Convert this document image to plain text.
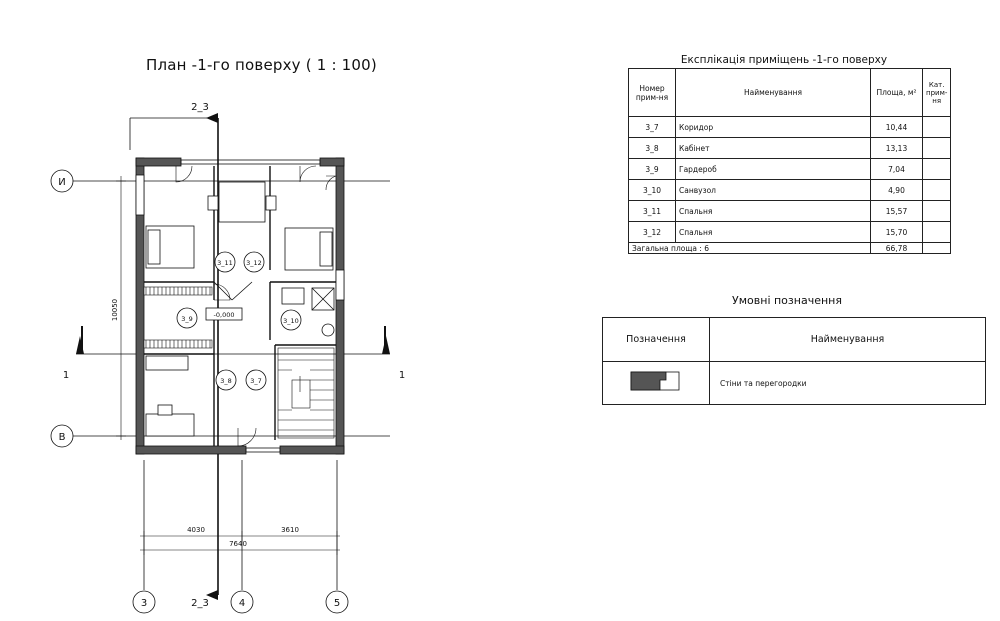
План -1-го поверху ( 1 : 100)
2_3
2_3
1	1
И
В
3	4	5
10050
4030	3610
7640
3_11 3_12
3_9	3_10
3_8	3_7
-0,000
Експлікація приміщень -1-го поверху
Номер прим-ня	Найменування	Площа, м²	Кат. прим-ня
3_7	Коридор	10,44	
3_8	Кабінет	13,13	
3_9	Гардероб	7,04	
3_10	Санвузол	4,90	
3_11	Спальня	15,57	
3_12	Спальня	15,70	
Загальна площа : 6		66,78	
Умовні позначення
Позначення	Найменування
	Стіни та перегородки
